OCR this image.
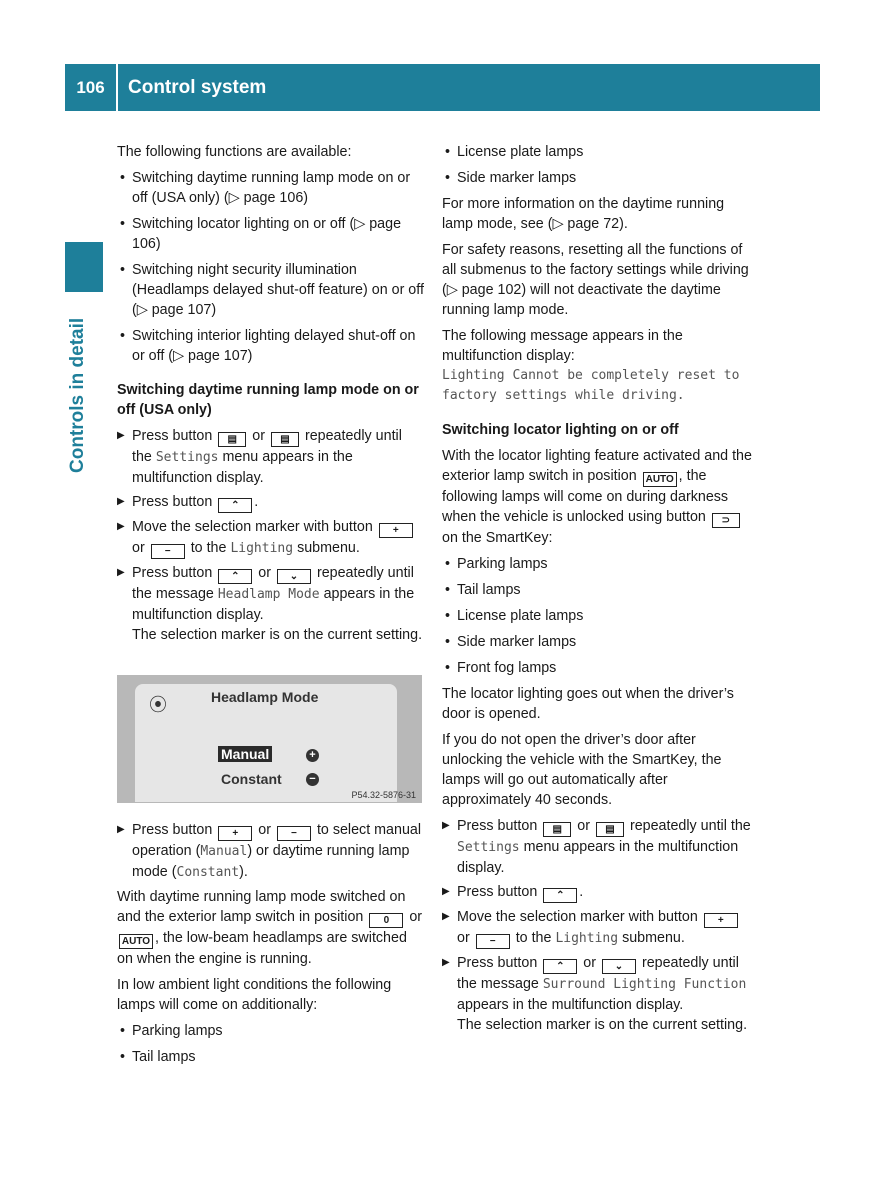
106	Control system
Controls in detail

The following functions are available:

• Switching daytime running lamp mode on or off (USA only) (▷ page 106)
• Switching locator lighting on or off (▷ page 106)
• Switching night security illumination (Headlamps delayed shut-off feature) on or off (▷ page 107)
• Switching interior lighting delayed shut-off on or off (▷ page 107)
Switching daytime running lamp mode on or off (USA only)
▶ Press button ▤ or ▤ repeatedly until the Settings menu appears in the multifunction display.
▶ Press button ⌃ .
▶ Move the selection marker with button + or − to the Lighting submenu.
▶ Press button ⌃ or ⌄ repeatedly until the message Headlamp Mode appears in the multifunction display.
The selection marker is on the current setting.
⦿	Headlamp Mode
Manual	+
Constant	−
P54.32-5876-31
▶ Press button + or − to select manual operation (Manual) or daytime running lamp mode (Constant).

With daytime running lamp mode switched on and the exterior lamp switch in position 0 or AUTO , the low-beam headlamps are switched on when the engine is running.

In low ambient light conditions the following lamps will come on additionally:

• Parking lamps
• Tail lamps
• License plate lamps
• Side marker lamps

For more information on the daytime running lamp mode, see (▷ page 72).

For safety reasons, resetting all the functions of all submenus to the factory settings while driving (▷ page 102) will not deactivate the daytime running lamp mode.

The following message appears in the multifunction display:

Lighting Cannot be completely reset to factory settings while driving.

Switching locator lighting on or off

With the locator lighting feature activated and the exterior lamp switch in position AUTO , the following lamps will come on during darkness when the vehicle is unlocked using button ⊃ on the SmartKey:

• Parking lamps
• Tail lamps
• License plate lamps
• Side marker lamps
• Front fog lamps

The locator lighting goes out when the driver’s door is opened.

If you do not open the driver’s door after unlocking the vehicle with the SmartKey, the lamps will go out automatically after approximately 40 seconds.

▶ Press button ▤ or ▤ repeatedly until the Settings menu appears in the multifunction display.
▶ Press button ⌃ .
▶ Move the selection marker with button + or − to the Lighting submenu.
▶ Press button ⌃ or ⌄ repeatedly until the message Surround Lighting Function appears in the multifunction display.
The selection marker is on the current setting.
